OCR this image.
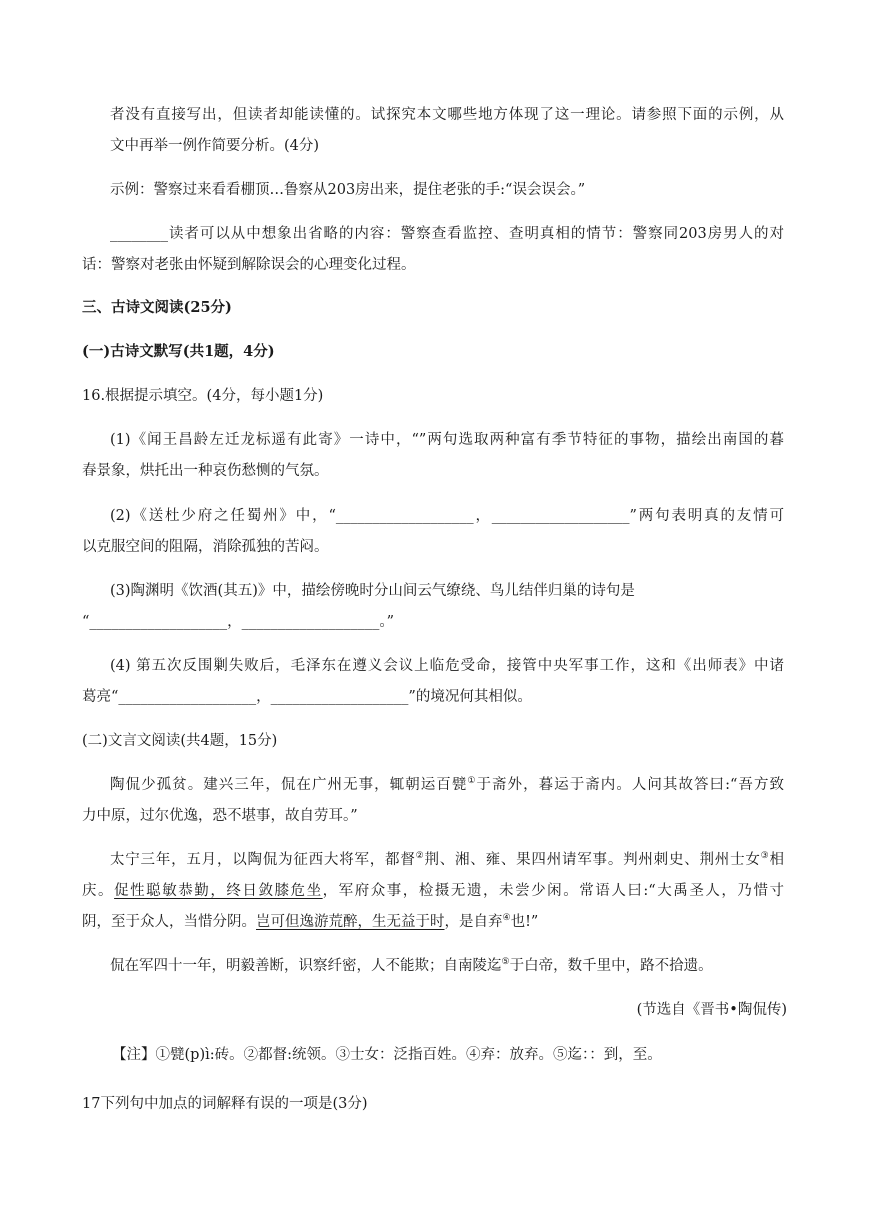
者没有直接写出，但读者却能读懂的。试探究本文哪些地方体现了这一理论。请参照下面的示例，从
文中再举一例作简要分析。(4分)
示例：警察过来看看棚顶…鲁察从203房出来，提住老张的手:“误会误会。”
________读者可以从中想象出省略的内容：警察查看监控、查明真相的情节：警察同203房男人的对
话：警察对老张由怀疑到解除误会的心理变化过程。
三、古诗文阅读(25分)
(一)古诗文默写(共1题，4分)
16.根据提示填空。(4分，每小题1分)
(1)《闻王昌龄左迁龙标遥有此寄》一诗中，“”两句选取两种富有季节特征的事物，描绘出南国的暮
春景象，烘托出一种哀伤愁恻的气氛。
(2)《送杜少府之任蜀州》中，“___________________，___________________”两句表明真的友情可
以克服空间的阻隔，消除孤独的苦闷。
(3)陶渊明《饮酒(其五)》中，描绘傍晚时分山间云气缭绕、鸟儿结伴归巢的诗句是
“___________________，___________________。”
(4) 第五次反围剿失败后，毛泽东在遵义会议上临危受命，接管中央军事工作，这和《出师表》中诸
葛亮“___________________，___________________”的境况何其相似。
(二)文言文阅读(共4题，15分)
陶侃少孤贫。建兴三年，侃在广州无事，辄朝运百甓①于斋外，暮运于斋内。人问其故答曰:“吾方致
力中原，过尔优逸，恐不堪事，故自劳耳。”
太宁三年，五月，以陶侃为征西大将军，都督②荆、湘、雍、果四州请军事。判州刺史、荆州士女③相
庆。促性聪敏恭勤，终日敛膝危坐，军府众事，检摄无遗，未尝少闲。常语人曰:“大禹圣人，乃惜寸
阴，至于众人，当惜分阴。岂可但逸游荒醉，生无益于时，是自弃④也!”
侃在军四十一年，明毅善断，识察纤密，人不能欺；自南陵迄⑤于白帝，数千里中，路不拾遗。
(节选自《晋书•陶侃传)
【注】①甓(p)ì:砖。②都督:统领。③士女：泛指百姓。④弃：放弃。⑤迄：：到，至。
17下列句中加点的词解释有误的一项是(3分)
